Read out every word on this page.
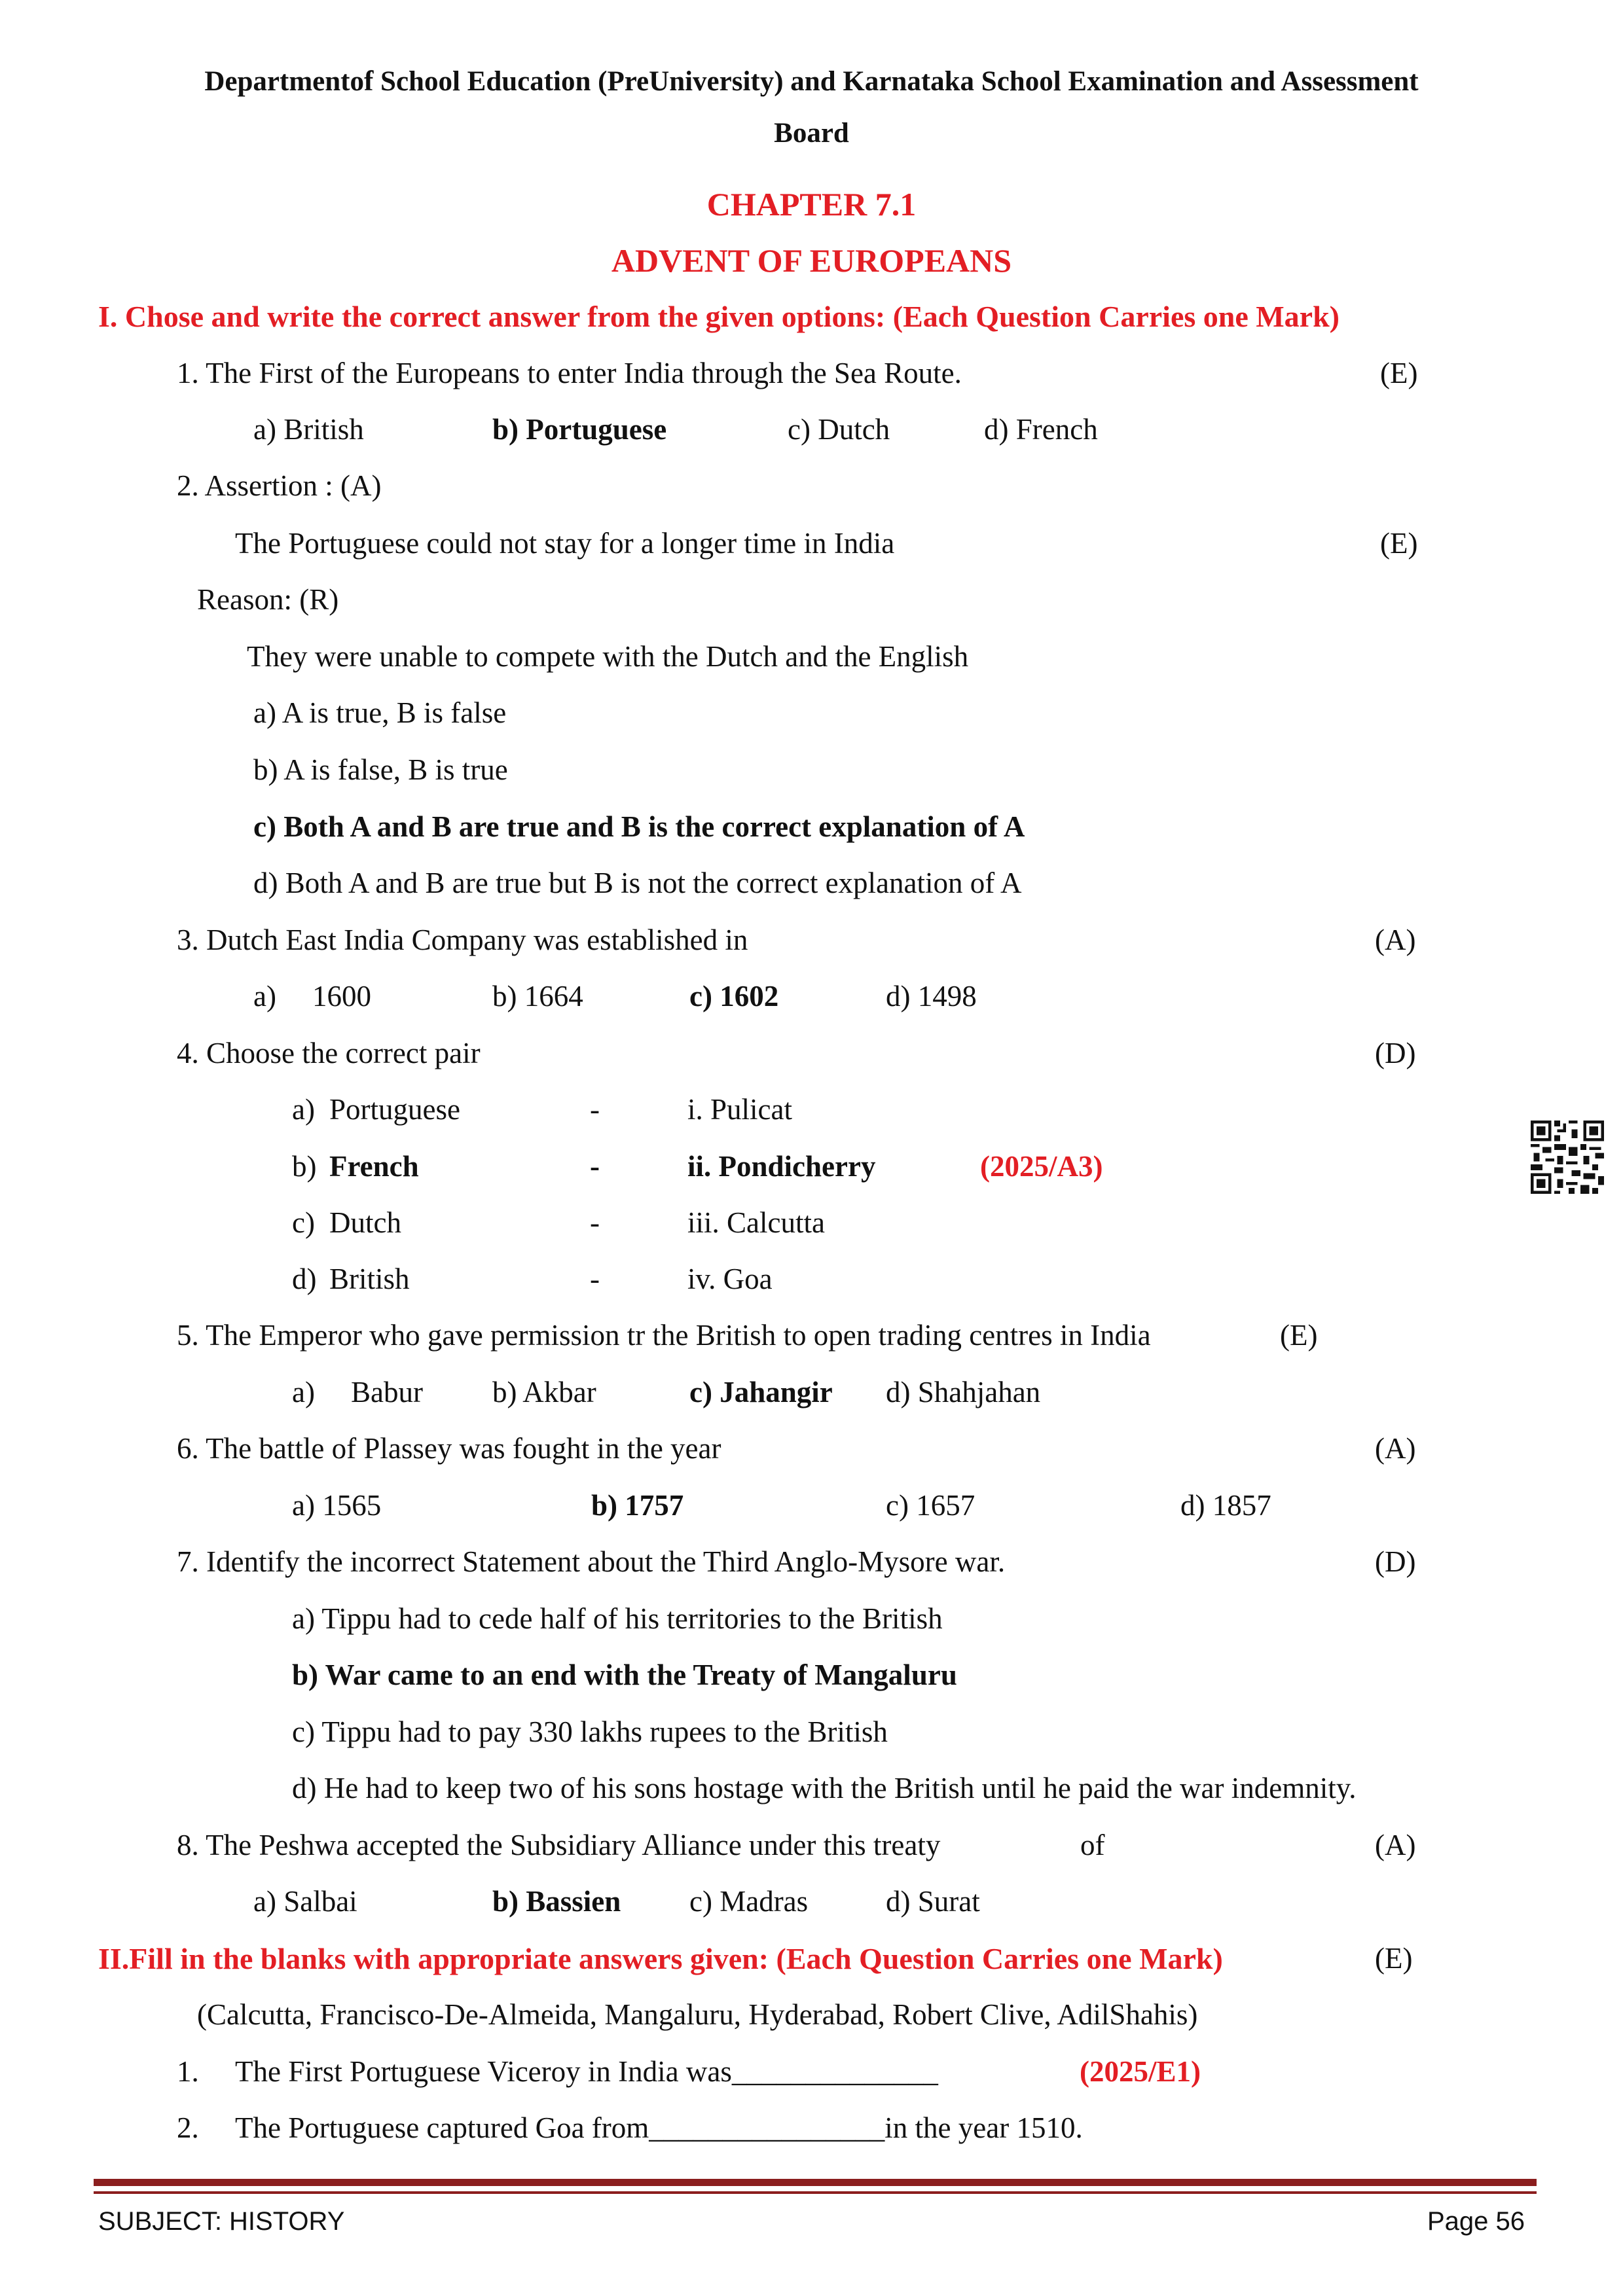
Departmentof School Education (PreUniversity) and Karnataka School Examination and Assessment
Board
CHAPTER 7.1
ADVENT OF EUROPEANS
I. Chose and write the correct answer from the given options: (Each Question Carries one Mark)
1. The First of the Europeans to enter India through the Sea Route.	(E)
a) British	b) Portuguese	c) Dutch	d) French
2. Assertion : (A)
The Portuguese could not stay for a longer time in India	(E)
Reason: (R)
They were unable to compete with the Dutch and the English
a) A is true, B is false
b) A is false, B is true
c) Both A and B are true and B is the correct explanation of A
d) Both A and B are true but B is not the correct explanation of A
3. Dutch East India Company was established in	(A)
a) 1600	b) 1664	c) 1602	d) 1498
4. Choose the correct pair	(D)
a) Portuguese	-	i. Pulicat
b) French	-	ii. Pondicherry	(2025/A3)
c) Dutch	-	iii. Calcutta
d) British	-	iv. Goa
5. The Emperor who gave permission tr the British to open trading centres in India	(E)
a) Babur b) Akbar	c) Jahangir d) Shahjahan
6. The battle of Plassey was fought in the year	(A)
a) 1565	b) 1757	c) 1657	d) 1857
7. Identify the incorrect Statement about the Third Anglo-Mysore war.	(D)
a) Tippu had to cede half of his territories to the British
b) War came to an end with the Treaty of Mangaluru
c) Tippu had to pay 330 lakhs rupees to the British
d) He had to keep two of his sons hostage with the British until he paid the war indemnity.
8. The Peshwa accepted the Subsidiary Alliance under this treaty	of	(A)
a) Salbai	b) Bassien c) Madras	d) Surat
II.Fill in the blanks with appropriate answers given: (Each Question Carries one Mark)	(E)
(Calcutta, Francisco-De-Almeida, Mangaluru, Hyderabad, Robert Clive, AdilShahis)
1. The First Portuguese Viceroy in India was______________	(2025/E1)
2. The Portuguese captured Goa from________________in the year 1510.
SUBJECT: HISTORY	Page 56
